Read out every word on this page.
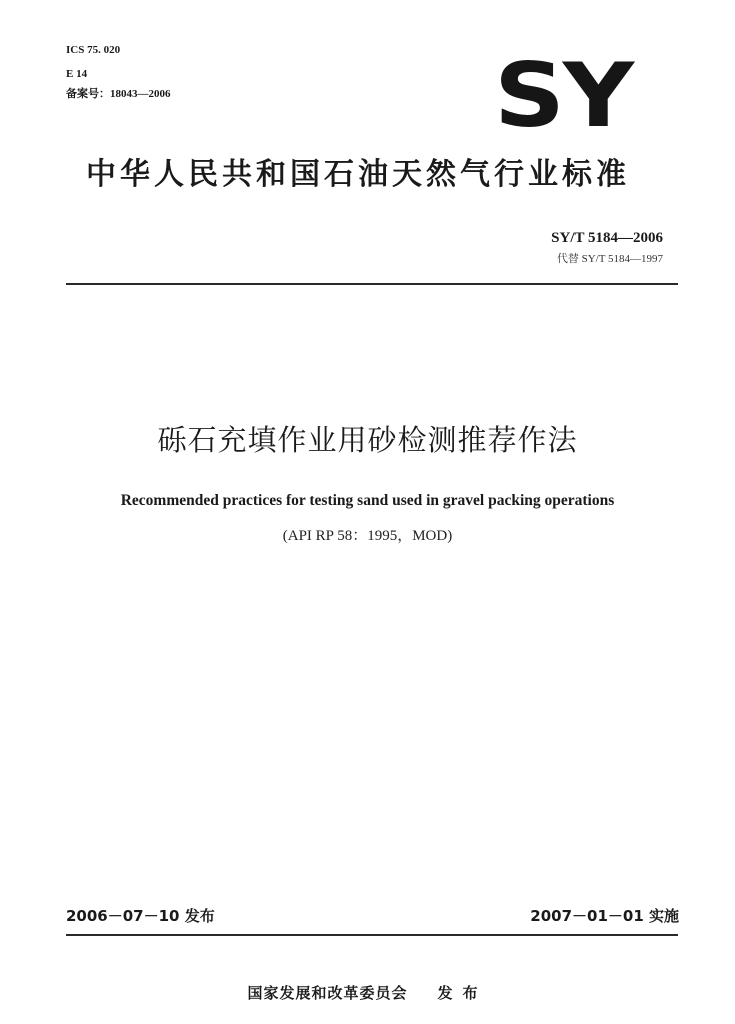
ICS 75. 020
E 14
备案号：18043—2006	SY
中华人民共和国石油天然气行业标准
SY/T 5184—2006
代替 SY/T 5184—1997
砾石充填作业用砂检测推荐作法
Recommended practices for testing sand used in gravel packing operations
(API RP 58：1995，MOD)
2006－07－10 发布	2007－01－01 实施
国家发展和改革委员会 发布
